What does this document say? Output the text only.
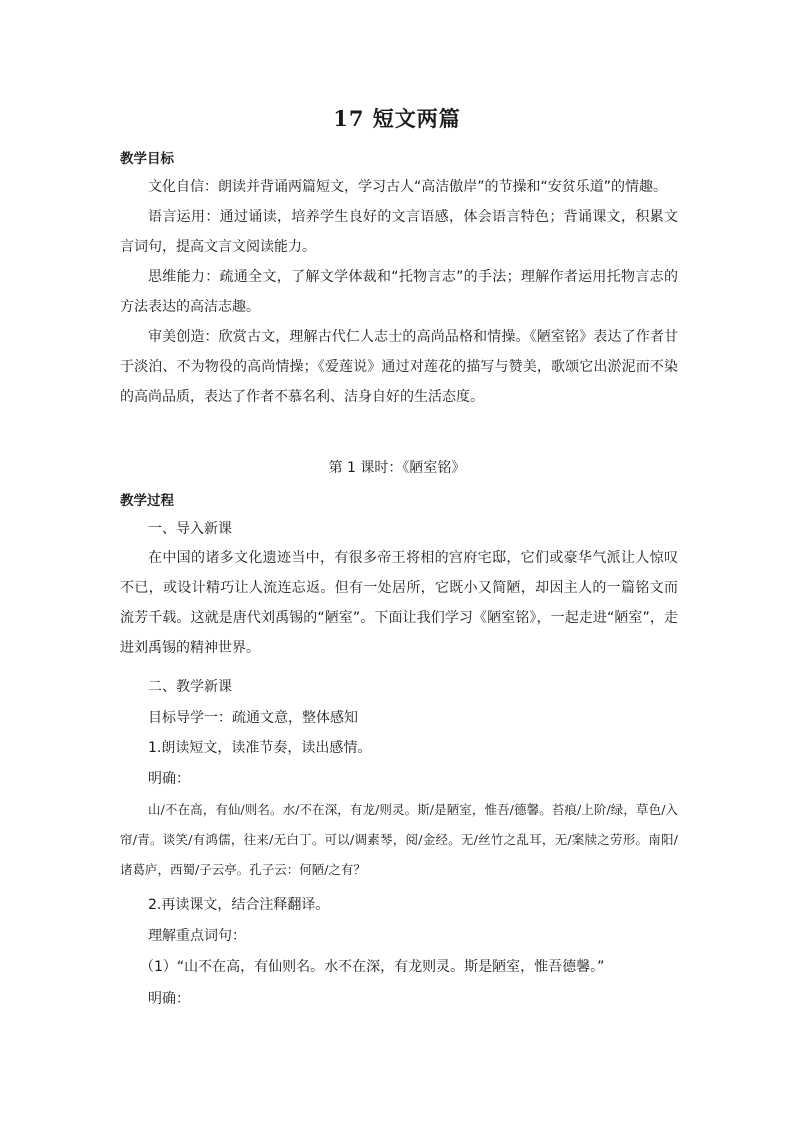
17 短文两篇
教学目标
文化自信：朗读并背诵两篇短文，学习古人“高洁傲岸”的节操和“安贫乐道”的情趣。
语言运用：通过诵读，培养学生良好的文言语感，体会语言特色；背诵课文，积累文言词句，提高文言文阅读能力。
思维能力：疏通全文，了解文学体裁和“托物言志”的手法；理解作者运用托物言志的方法表达的高洁志趣。
审美创造：欣赏古文，理解古代仁人志士的高尚品格和情操。《陋室铭》表达了作者甘于淡泊、不为物役的高尚情操；《爱莲说》通过对莲花的描写与赞美，歌颂它出淤泥而不染的高尚品质，表达了作者不慕名利、洁身自好的生活态度。
第 1 课时：《陋室铭》
教学过程
一、导入新课
在中国的诸多文化遗迹当中，有很多帝王将相的宫府宅邸，它们或豪华气派让人惊叹不已，或设计精巧让人流连忘返。但有一处居所，它既小又简陋，却因主人的一篇铭文而流芳千载。这就是唐代刘禹锡的“陋室”。下面让我们学习《陋室铭》，一起走进“陋室”，走进刘禹锡的精神世界。
二、教学新课
目标导学一：疏通文意，整体感知
1.朗读短文，读准节奏，读出感情。
明确：
山/不在高，有仙/则名。水/不在深，有龙/则灵。斯/是陋室，惟吾/德馨。苔痕/上阶/绿，草色/入帘/青。谈笑/有鸿儒，往来/无白丁。可以/调素琴，阅/金经。无/丝竹之乱耳，无/案牍之劳形。南阳/诸葛庐，西蜀/子云亭。孔子云：何陋/之有？
2.再读课文，结合注释翻译。
理解重点词句：
（1）“山不在高，有仙则名。水不在深，有龙则灵。斯是陋室，惟吾德馨。”
明确：
